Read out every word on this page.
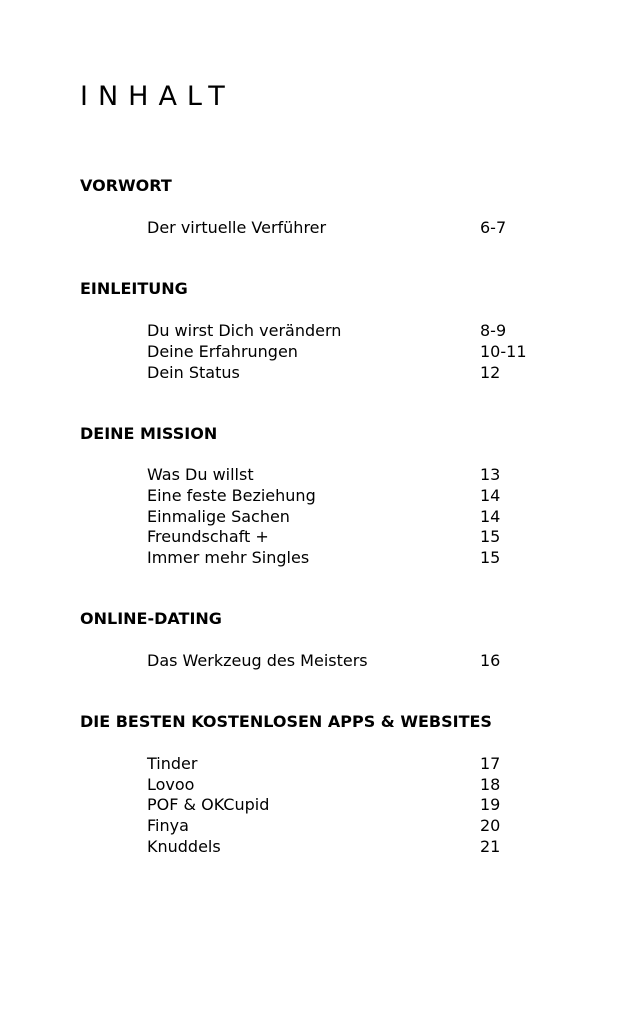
INHALT
VORWORT
Der virtuelle Verführer	6-7
EINLEITUNG
Du wirst Dich verändern	8-9
Deine Erfahrungen	10-11
Dein Status	12
DEINE MISSION
Was Du willst	13
Eine feste Beziehung	14
Einmalige Sachen	14
Freundschaft +	15
Immer mehr Singles	15
ONLINE-DATING
Das Werkzeug des Meisters	16
DIE BESTEN KOSTENLOSEN APPS & WEBSITES
Tinder	17
Lovoo	18
POF & OKCupid	19
Finya	20
Knuddels	21
